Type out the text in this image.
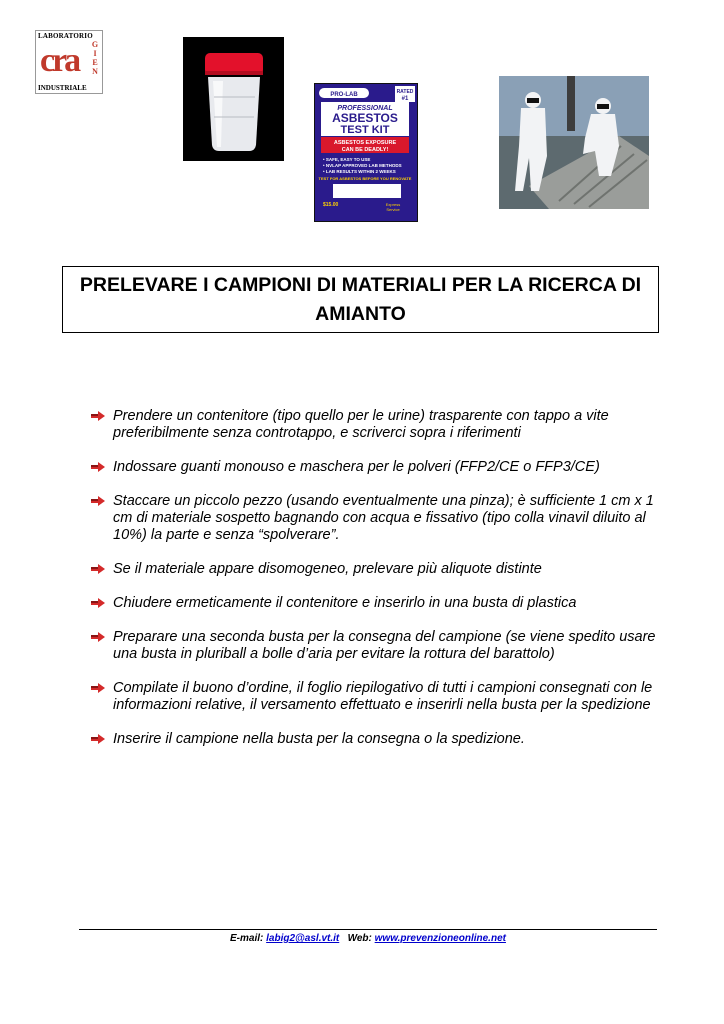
LABORATORIO
cra G
I
E
N
INDUSTRIALE
PRO-LAB	RATED
#1
PROFESSIONAL
ASBESTOS
TEST KIT
ASBESTOS EXPOSURE
CAN BE DEADLY!
• SAFE, EASY TO USE
• NVLAP APPROVED LAB METHODS
• LAB RESULTS WITHIN 2 WEEKS
TEST FOR ASBESTOS BEFORE YOU RENOVATE
$15.00	Express
Service
PRELEVARE I CAMPIONI DI MATERIALI PER LA RICERCA DI AMIANTO
Prendere un contenitore (tipo quello per le urine) trasparente con tappo a vite preferibilmente senza controtappo, e scriverci sopra i riferimenti
Indossare guanti monouso e maschera per le polveri (FFP2/CE o FFP3/CE)
Staccare un piccolo pezzo (usando eventualmente una pinza); è sufficiente 1 cm x 1 cm di materiale sospetto bagnando con acqua e fissativo (tipo colla vinavil diluito al 10%) la parte e senza “spolverare”.
Se il materiale appare disomogeneo, prelevare più aliquote distinte
Chiudere ermeticamente il contenitore e inserirlo in una busta di plastica
Preparare una seconda busta per la consegna del campione (se viene spedito usare una busta in pluriball a bolle d’aria per evitare la rottura del barattolo)
Compilate il buono d’ordine, il foglio riepilogativo di tutti i campioni consegnati con le informazioni relative, il versamento effettuato e inserirli nella busta per la spedizione
Inserire il campione nella busta per la consegna o la spedizione.
E-mail: labig2@asl.vt.it Web: www.prevenzioneonline.net
